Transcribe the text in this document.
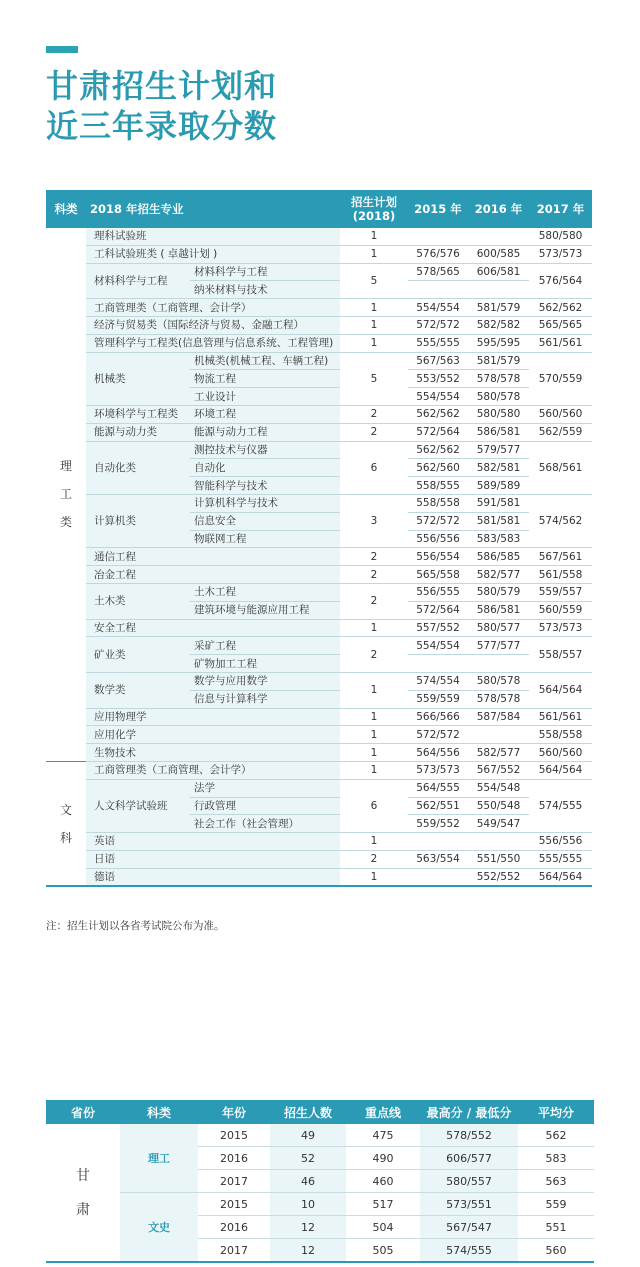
甘肃招生计划和
近三年录取分数
科类	2018 年招生专业		招生计划
(2018)	2015 年	2016 年	2017 年

理
工
类	理科试验班		1			580/580
	工科试验班类 ( 卓越计划 )		1	576/576	600/585	573/573
	材料科学与工程	材料科学与工程	5	578/565	606/581	576/564
		纳米材料与技术				
	工商管理类（工商管理、会计学）		1	554/554	581/579	562/562
	经济与贸易类（国际经济与贸易、金融工程）		1	572/572	582/582	565/565
	管理科学与工程类(信息管理与信息系统、工程管理)		1	555/555	595/595	561/561
	机械类	机械类(机械工程、车辆工程)	5	567/563	581/579	570/559
		物流工程		553/552	578/578	
		工业设计		554/554	580/578	
	环境科学与工程类	环境工程	2	562/562	580/580	560/560
	能源与动力类	能源与动力工程	2	572/564	586/581	562/559
	自动化类	测控技术与仪器	6	562/562	579/577	568/561
		自动化		562/560	582/581	
		智能科学与技术		558/555	589/589	
	计算机类	计算机科学与技术	3	558/558	591/581	574/562
		信息安全		572/572	581/581	
		物联网工程		556/556	583/583	
	通信工程		2	556/554	586/585	567/561
	冶金工程		2	565/558	582/577	561/558
	土木类	土木工程	2	556/555	580/579	559/557
		建筑环境与能源应用工程		572/564	586/581	560/559
	安全工程		1	557/552	580/577	573/573
	矿业类	采矿工程	2	554/554	577/577	558/557
		矿物加工工程				
	数学类	数学与应用数学	1	574/554	580/578	564/564
		信息与计算科学		559/559	578/578	
	应用物理学		1	566/566	587/584	561/561
	应用化学		1	572/572		558/558
	生物技术		1	564/556	582/577	560/560

文
科	工商管理类（工商管理、会计学）		1	573/573	567/552	564/564
	人文科学试验班	法学	6	564/555	554/548	574/555
		行政管理		562/551	550/548	
		社会工作（社会管理）		559/552	549/547	
	英语		1			556/556
	日语		2	563/554	551/550	555/555
	德语		1		552/552	564/564
注：招生计划以各省考试院公布为准。
省份	科类	年份	招生人数	重点线	最高分 / 最低分	平均分

甘
肃	理工	2015	49	475	578/552	562
		2016	52	490	606/577	583
		2017	46	460	580/557	563
	文史	2015	10	517	573/551	559
		2016	12	504	567/547	551
		2017	12	505	574/555	560
